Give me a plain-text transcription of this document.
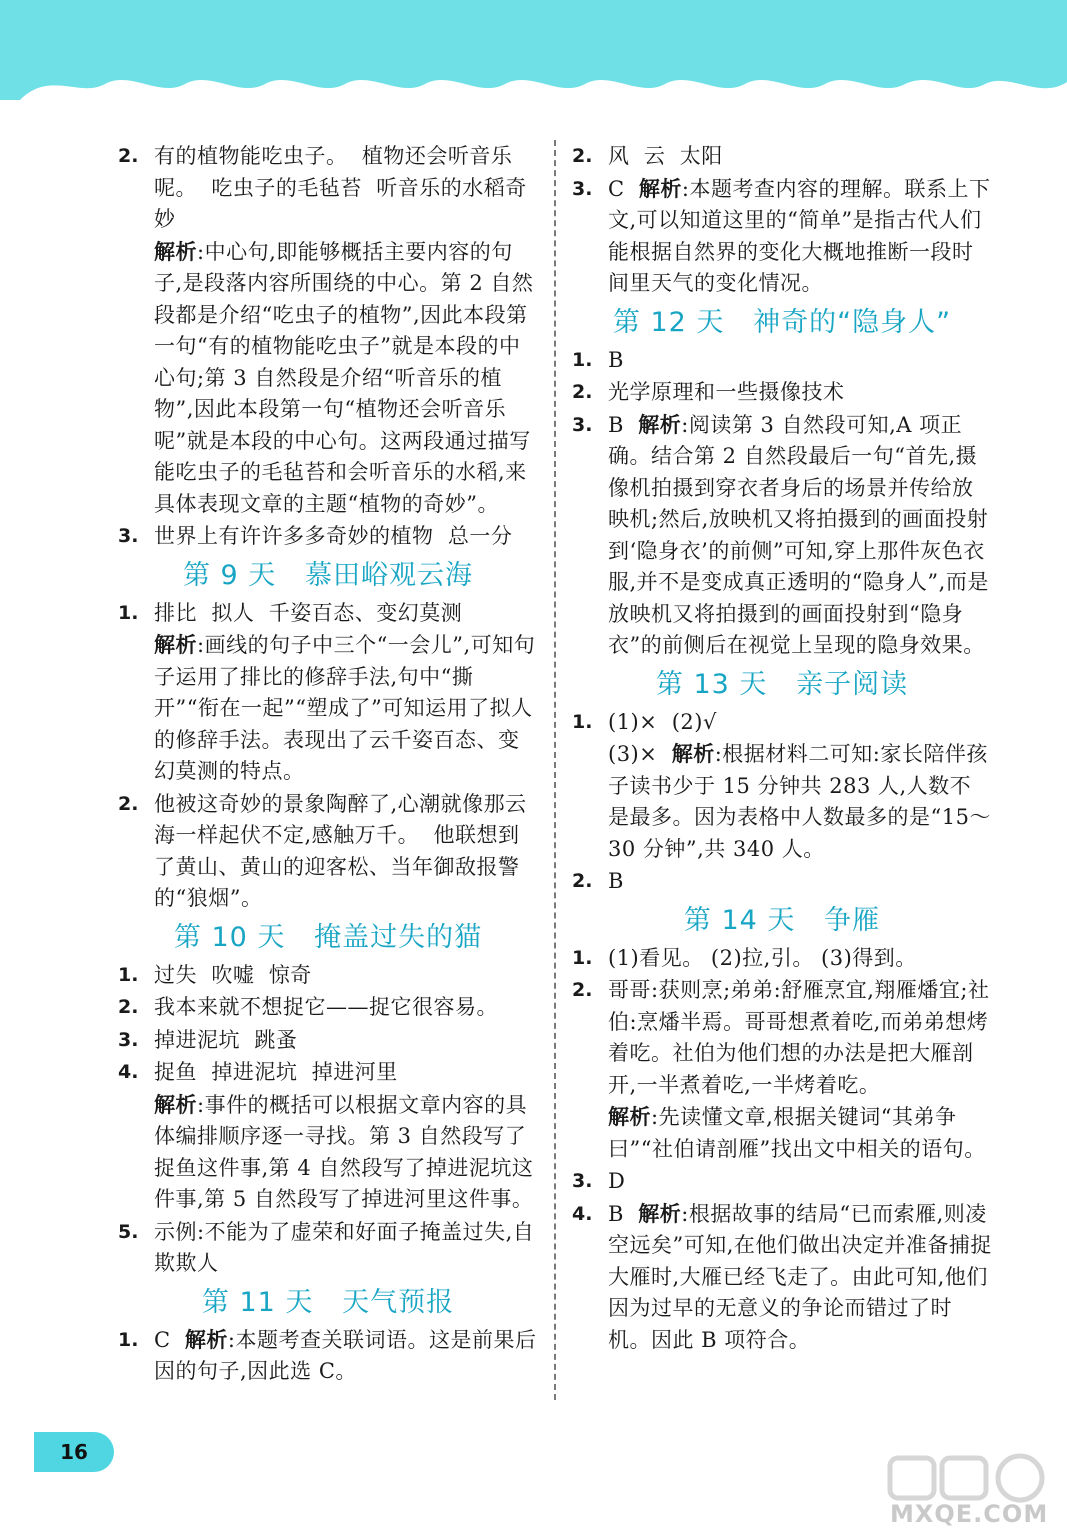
2. 有的植物能吃虫子。  植物还会听音乐呢。  吃虫子的毛毡苔  听音乐的水稻奇妙
解析:中心句,即能够概括主要内容的句子,是段落内容所围绕的中心。第 2 自然段都是介绍“吃虫子的植物”,因此本段第一句“有的植物能吃虫子”就是本段的中心句;第 3 自然段是介绍“听音乐的植物”,因此本段第一句“植物还会听音乐呢”就是本段的中心句。这两段通过描写能吃虫子的毛毡苔和会听音乐的水稻,来具体表现文章的主题“植物的奇妙”。
3. 世界上有许许多多奇妙的植物  总一分
第 9 天   慕田峪观云海
1. 排比  拟人  千姿百态、变幻莫测
解析:画线的句子中三个“一会儿”,可知句子运用了排比的修辞手法,句中“撕开”“衔在一起”“塑成了”可知运用了拟人的修辞手法。表现出了云千姿百态、变幻莫测的特点。
2. 他被这奇妙的景象陶醉了,心潮就像那云海一样起伏不定,感触万千。  他联想到了黄山、黄山的迎客松、当年御敌报警的“狼烟”。
第 10 天   掩盖过失的猫
1. 过失  吹嘘  惊奇
2. 我本来就不想捉它——捉它很容易。
3. 掉进泥坑  跳蚤
4. 捉鱼  掉进泥坑  掉进河里
解析:事件的概括可以根据文章内容的具体编排顺序逐一寻找。第 3 自然段写了捉鱼这件事,第 4 自然段写了掉进泥坑这件事,第 5 自然段写了掉进河里这件事。
5. 示例:不能为了虚荣和好面子掩盖过失,自欺欺人
第 11 天   天气预报
1. C  解析:本题考查关联词语。这是前果后因的句子,因此选 C。
2. 风  云  太阳
3. C  解析:本题考查内容的理解。联系上下文,可以知道这里的“简单”是指古代人们能根据自然界的变化大概地推断一段时间里天气的变化情况。
第 12 天   神奇的“隐身人”
1. B
2. 光学原理和一些摄像技术
3. B  解析:阅读第 3 自然段可知,A 项正确。结合第 2 自然段最后一句“首先,摄像机拍摄到穿衣者身后的场景并传给放映机;然后,放映机又将拍摄到的画面投射到‘隐身衣’的前侧”可知,穿上那件灰色衣服,并不是变成真正透明的“隐身人”,而是放映机又将拍摄到的画面投射到“隐身衣”的前侧后在视觉上呈现的隐身效果。
第 13 天   亲子阅读
1. (1)×  (2)√
(3)×  解析:根据材料二可知:家长陪伴孩子读书少于 15 分钟共 283 人,人数不是最多。因为表格中人数最多的是“15～30 分钟”,共 340 人。
2. B
第 14 天   争雁
1. (1)看见。 (2)拉,引。 (3)得到。
2. 哥哥:获则烹;弟弟:舒雁烹宜,翔雁燔宜;社伯:烹燔半焉。哥哥想煮着吃,而弟弟想烤着吃。社伯为他们想的办法是把大雁剖开,一半煮着吃,一半烤着吃。
解析:先读懂文章,根据关键词“其弟争曰”“社伯请剖雁”找出文中相关的语句。
3. D
4. B  解析:根据故事的结局“已而索雁,则凌空远矣”可知,在他们做出决定并准备捕捉大雁时,大雁已经飞走了。由此可知,他们因为过早的无意义的争论而错过了时机。因此 B 项符合。
16
MXQE.COM
